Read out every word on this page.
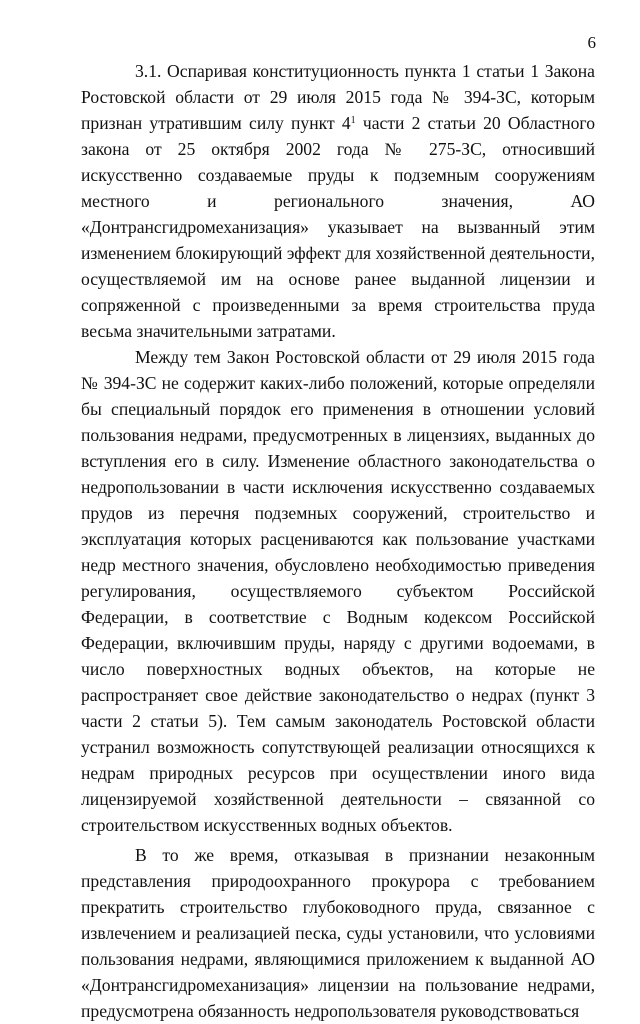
6

3.1. Оспаривая конституционность пункта 1 статьи 1 Закона Ростовской области от 29 июля 2015 года № 394-ЗС, которым признан утратившим силу пункт $4^1$ части 2 статьи 20 Областного закона от 25 октября 2002 года № 275-ЗС, относивший искусственно создаваемые пруды к подземным сооружениям местного и регионального значения, АО «Донтрансгидромеханизация» указывает на вызванный этим изменением блокирующий эффект для хозяйственной деятельности, осуществляемой им на основе ранее выданной лицензии и сопряженной с произведенными за время строительства пруда весьма значительными затратами.

Между тем Закон Ростовской области от 29 июля 2015 года № 394-ЗС не содержит каких-либо положений, которые определяли бы специальный порядок его применения в отношении условий пользования недрами, предусмотренных в лицензиях, выданных до вступления его в силу. Изменение областного законодательства о недропользовании в части исключения искусственно создаваемых прудов из перечня подземных сооружений, строительство и эксплуатация которых расцениваются как пользование участками недр местного значения, обусловлено необходимостью приведения регулирования, осуществляемого субъектом Российской Федерации, в соответствие с Водным кодексом Российской Федерации, включившим пруды, наряду с другими водоемами, в число поверхностных водных объектов, на которые не распространяет свое действие законодательство о недрах (пункт 3 части 2 статьи 5). Тем самым законодатель Ростовской области устранил возможность сопутствующей реализации относящихся к недрам природных ресурсов при осуществлении иного вида лицензируемой хозяйственной деятельности – связанной со строительством искусственных водных объектов.

В то же время, отказывая в признании незаконным представления природоохранного прокурора с требованием прекратить строительство глубоководного пруда, связанное с извлечением и реализацией песка, суды установили, что условиями пользования недрами, являющимися приложением к выданной АО «Донтрансгидромеханизация» лицензии на пользование недрами, предусмотрена обязанность недропользователя руководствоваться
